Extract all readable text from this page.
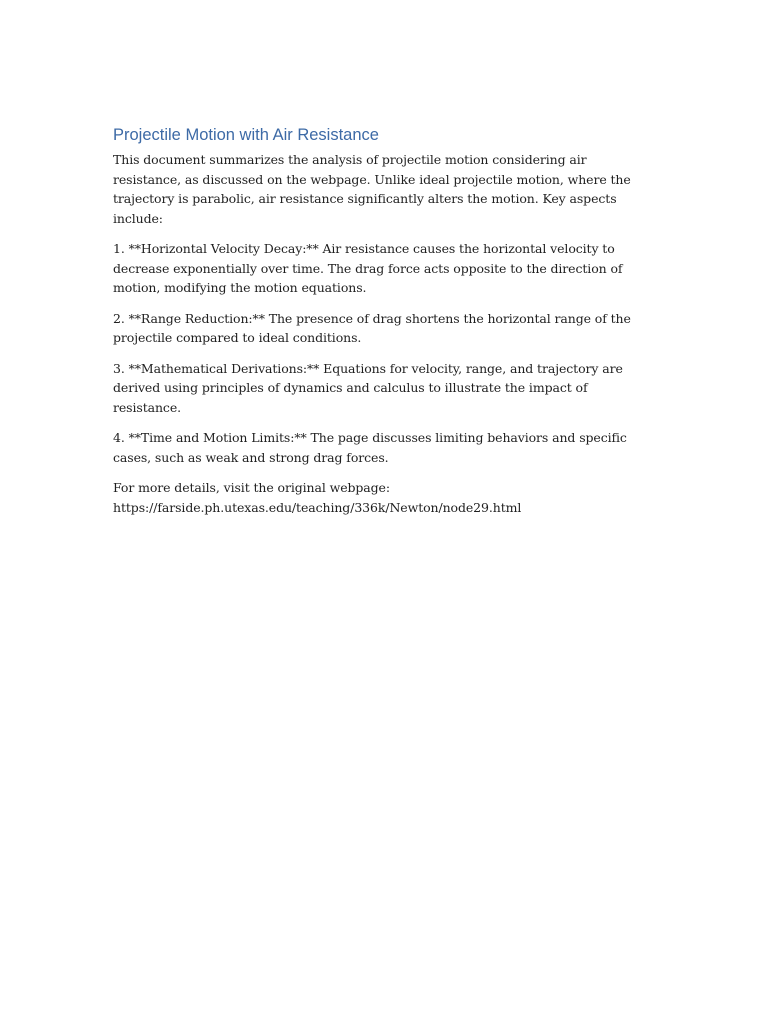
Projectile Motion with Air Resistance

This document summarizes the analysis of projectile motion considering air resistance, as discussed on the webpage. Unlike ideal projectile motion, where the trajectory is parabolic, air resistance significantly alters the motion. Key aspects include:

1. **Horizontal Velocity Decay:** Air resistance causes the horizontal velocity to decrease exponentially over time. The drag force acts opposite to the direction of motion, modifying the motion equations.

2. **Range Reduction:** The presence of drag shortens the horizontal range of the projectile compared to ideal conditions.

3. **Mathematical Derivations:** Equations for velocity, range, and trajectory are derived using principles of dynamics and calculus to illustrate the impact of resistance.

4. **Time and Motion Limits:** The page discusses limiting behaviors and specific cases, such as weak and strong drag forces.

For more details, visit the original webpage:
https://farside.ph.utexas.edu/teaching/336k/Newton/node29.html
